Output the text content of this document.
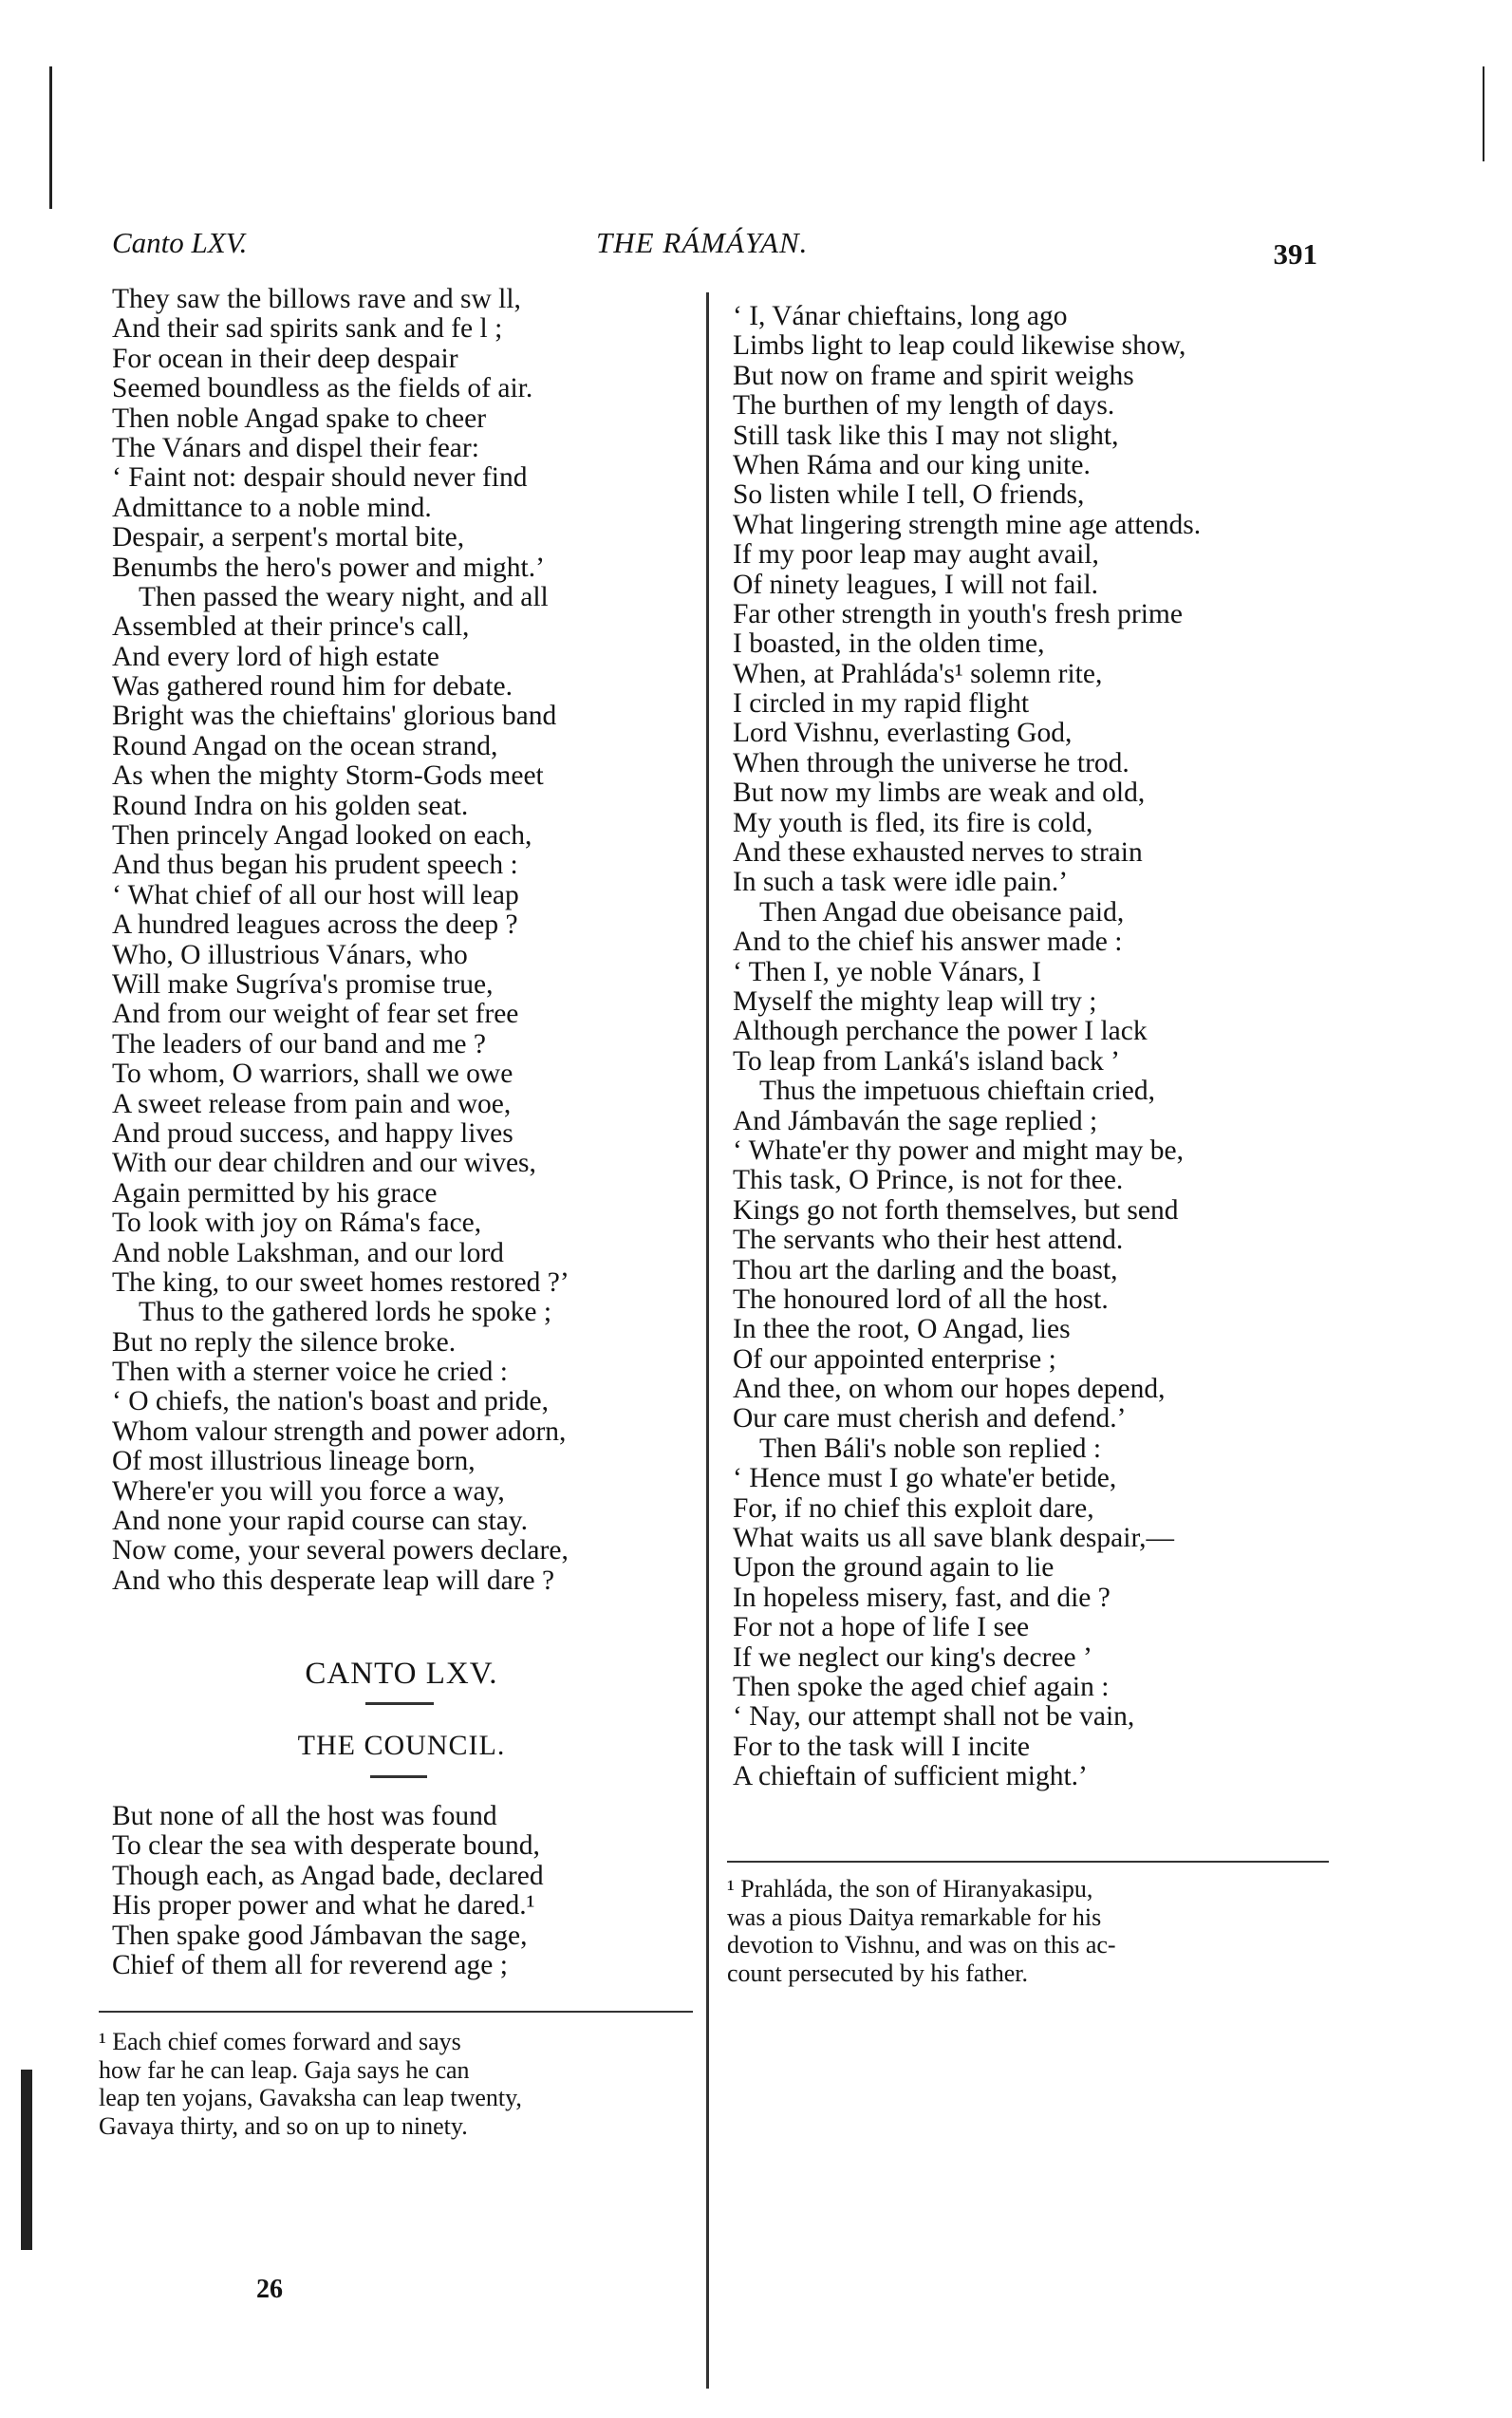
Canto LXV.	THE RÁMÁYAN.	391
They saw the billows rave and sw ll,
And their sad spirits sank and fe l ;
For ocean in their deep despair
Seemed boundless as the fields of air.
Then noble Angad spake to cheer
The Vánars and dispel their fear:
‘ Faint not: despair should never find
Admittance to a noble mind.
Despair, a serpent's mortal bite,
Benumbs the hero's power and might.’
Then passed the weary night, and all
Assembled at their prince's call,
And every lord of high estate
Was gathered round him for debate.
Bright was the chieftains' glorious band
Round Angad on the ocean strand,
As when the mighty Storm-Gods meet
Round Indra on his golden seat.
Then princely Angad looked on each,
And thus began his prudent speech :
‘ What chief of all our host will leap
A hundred leagues across the deep ?
Who, O illustrious Vánars, who
Will make Sugríva's promise true,
And from our weight of fear set free
The leaders of our band and me ?
To whom, O warriors, shall we owe
A sweet release from pain and woe,
And proud success, and happy lives
With our dear children and our wives,
Again permitted by his grace
To look with joy on Ráma's face,
And noble Lakshman, and our lord
The king, to our sweet homes restored ?’
Thus to the gathered lords he spoke ;
But no reply the silence broke.
Then with a sterner voice he cried :
‘ O chiefs, the nation's boast and pride,
Whom valour strength and power adorn,
Of most illustrious lineage born,
Where'er you will you force a way,
And none your rapid course can stay.
Now come, your several powers declare,
And who this desperate leap will dare ?
CANTO LXV.
THE COUNCIL.
But none of all the host was found
To clear the sea with desperate bound,
Though each, as Angad bade, declared
His proper power and what he dared.¹
Then spake good Jámbavan the sage,
Chief of them all for reverend age ;
¹ Each chief comes forward and says
how far he can leap. Gaja says he can
leap ten yojans, Gavaksha can leap twenty,
Gavaya thirty, and so on up to ninety.
26
‘ I, Vánar chieftains, long ago
Limbs light to leap could likewise show,
But now on frame and spirit weighs
The burthen of my length of days.
Still task like this I may not slight,
When Ráma and our king unite.
So listen while I tell, O friends,
What lingering strength mine age attends.
If my poor leap may aught avail,
Of ninety leagues, I will not fail.
Far other strength in youth's fresh prime
I boasted, in the olden time,
When, at Prahláda's¹ solemn rite,
I circled in my rapid flight
Lord Vishnu, everlasting God,
When through the universe he trod.
But now my limbs are weak and old,
My youth is fled, its fire is cold,
And these exhausted nerves to strain
In such a task were idle pain.’
Then Angad due obeisance paid,
And to the chief his answer made :
‘ Then I, ye noble Vánars, I
Myself the mighty leap will try ;
Although perchance the power I lack
To leap from Lanká's island back ’
Thus the impetuous chieftain cried,
And Jámbaván the sage replied ;
‘ Whate'er thy power and might may be,
This task, O Prince, is not for thee.
Kings go not forth themselves, but send
The servants who their hest attend.
Thou art the darling and the boast,
The honoured lord of all the host.
In thee the root, O Angad, lies
Of our appointed enterprise ;
And thee, on whom our hopes depend,
Our care must cherish and defend.’
Then Báli's noble son replied :
‘ Hence must I go whate'er betide,
For, if no chief this exploit dare,
What waits us all save blank despair,—
Upon the ground again to lie
In hopeless misery, fast, and die ?
For not a hope of life I see
If we neglect our king's decree ’
Then spoke the aged chief again :
‘ Nay, our attempt shall not be vain,
For to the task will I incite
A chieftain of sufficient might.’
¹ Prahláda, the son of Hiranyakasipu,
was a pious Daitya remarkable for his
devotion to Vishnu, and was on this ac-
count persecuted by his father.
